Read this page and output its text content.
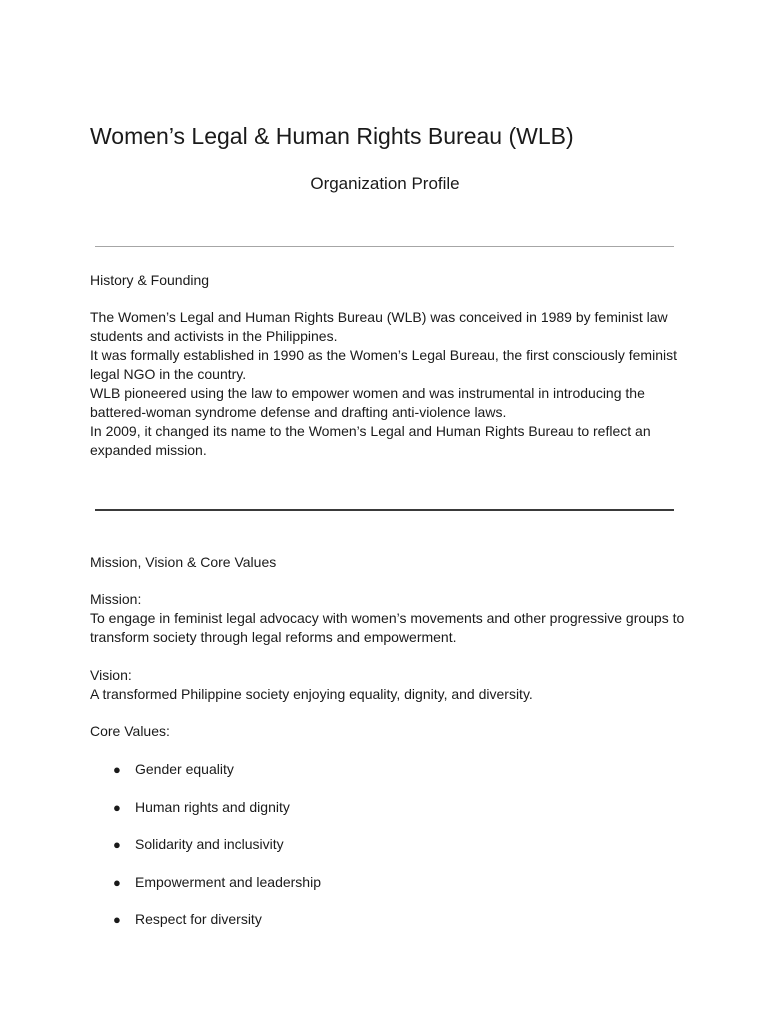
Women’s Legal & Human Rights Bureau (WLB)
Organization Profile
History & Founding

The Women’s Legal and Human Rights Bureau (WLB) was conceived in 1989 by feminist law students and activists in the Philippines.

It was formally established in 1990 as the Women’s Legal Bureau, the first consciously feminist legal NGO in the country.

WLB pioneered using the law to empower women and was instrumental in introducing the battered-woman syndrome defense and drafting anti-violence laws.

In 2009, it changed its name to the Women’s Legal and Human Rights Bureau to reflect an expanded mission.

Mission, Vision & Core Values

Mission:

To engage in feminist legal advocacy with women’s movements and other progressive groups to transform society through legal reforms and empowerment.

Vision:

A transformed Philippine society enjoying equality, dignity, and diversity.

Core Values:

● Gender equality
● Human rights and dignity
● Solidarity and inclusivity
● Empowerment and leadership
● Respect for diversity
